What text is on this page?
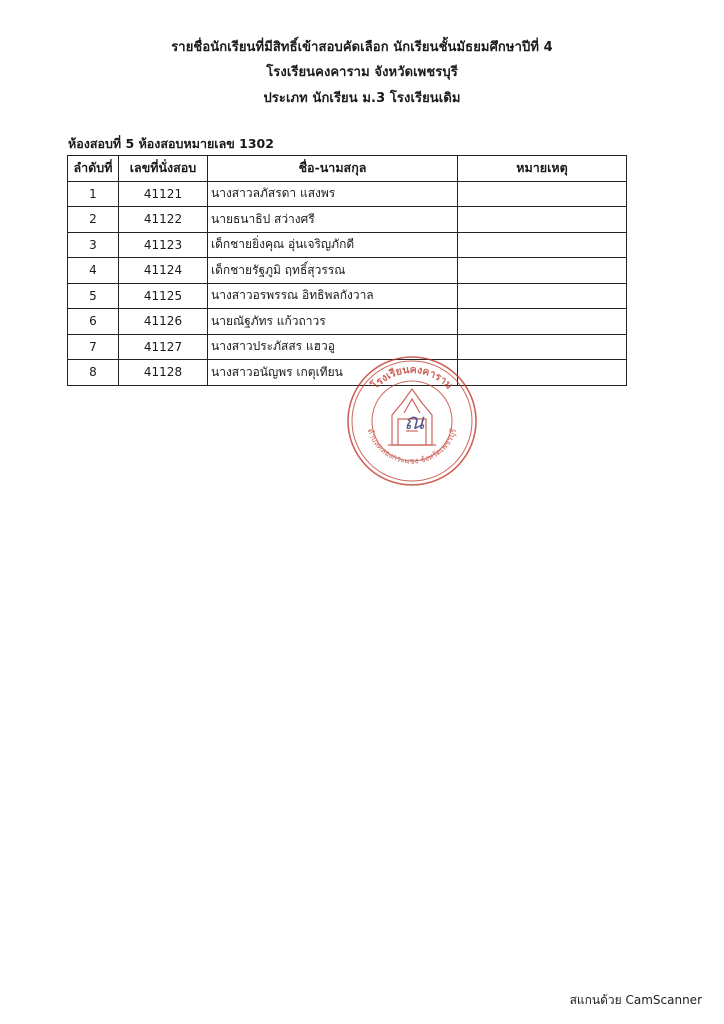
รายชื่อนักเรียนที่มีสิทธิ์เข้าสอบคัดเลือก นักเรียนชั้นมัธยมศึกษาปีที่ 4
โรงเรียนคงคาราม จังหวัดเพชรบุรี
ประเภท นักเรียน ม.3 โรงเรียนเดิม
ห้องสอบที่ 5 ห้องสอบหมายเลข 1302
ลำดับที่	เลขที่นั่งสอบ	ชื่อ-นามสกุล	หมายเหตุ
1	41121	นางสาวลภัสรดา แสงพร	
2	41122	นายธนาธิป สว่างศรี	
3	41123	เด็กชายยิ่งคุณ อุ่นเจริญภักดี	
4	41124	เด็กชายรัฐภูมิ ฤทธิ์สุวรรณ	
5	41125	นางสาวอรพรรณ อิทธิพลกังวาล	
6	41126	นายณัฐภัทร แก้วถาวร	
7	41127	นางสาวประภัสสร แฮวอู	
8	41128	นางสาวอนัญพร เกตุเทียน	
โรงเรียนคงคาราม
ตำบลคลองกระแชง จังหวัดเพชรบุรี
ณ
สแกนด้วย CamScanner
